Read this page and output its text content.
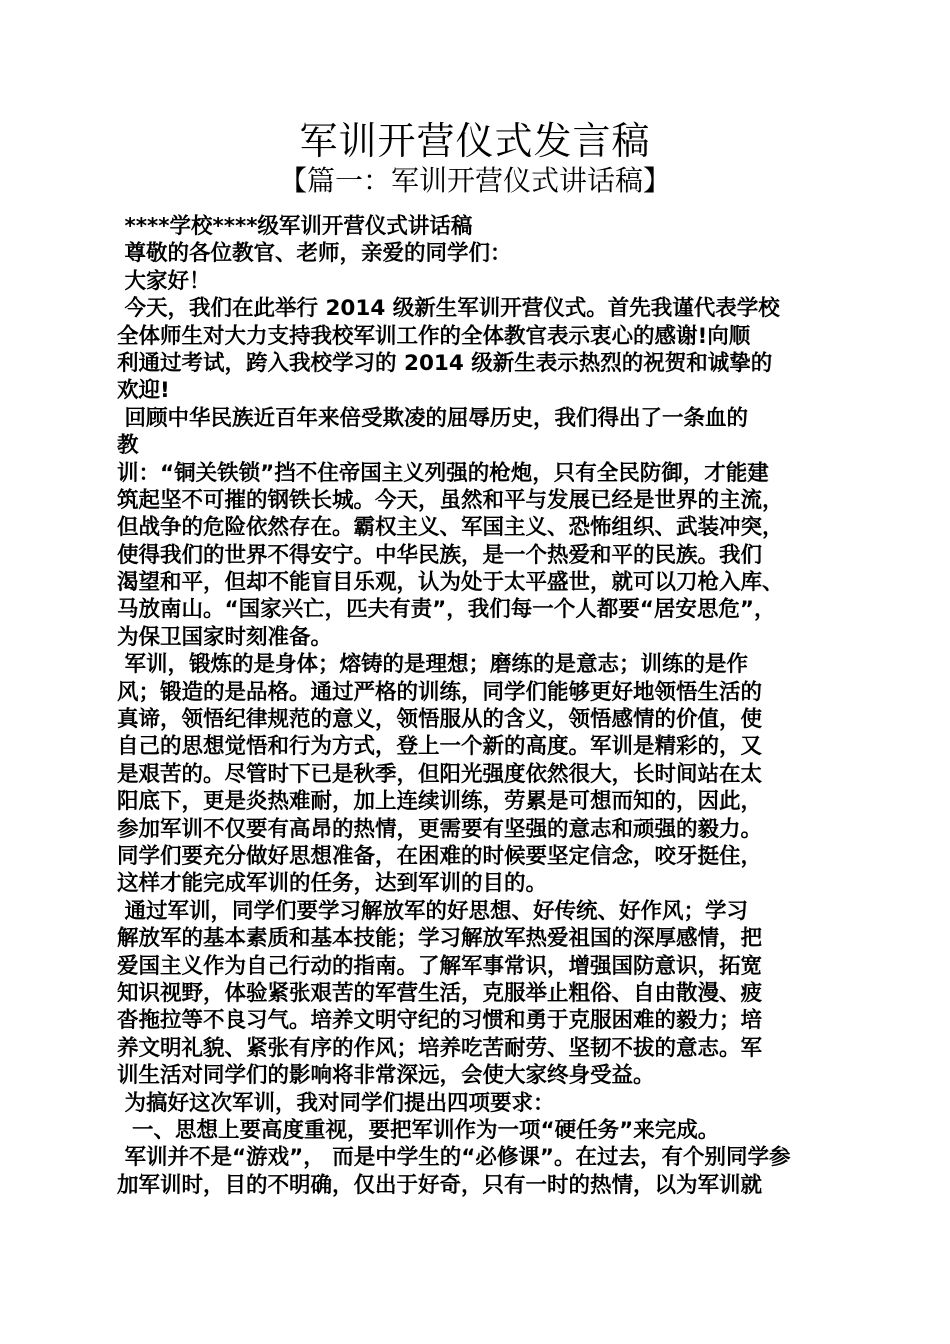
军训开营仪式发言稿
【篇一：军训开营仪式讲话稿】
****学校****级军训开营仪式讲话稿
尊敬的各位教官、老师，亲爱的同学们：
大家好！
今天，我们在此举行 2014 级新生军训开营仪式。首先我谨代表学校
全体师生对大力支持我校军训工作的全体教官表示衷心的感谢!向顺
利通过考试，跨入我校学习的 2014 级新生表示热烈的祝贺和诚挚的
欢迎!
回顾中华民族近百年来倍受欺凌的屈辱历史，我们得出了一条血的
教
训：“铜关铁锁”挡不住帝国主义列强的枪炮，只有全民防御，才能建
筑起坚不可摧的钢铁长城。今天，虽然和平与发展已经是世界的主流，
但战争的危险依然存在。霸权主义、军国主义、恐怖组织、武装冲突，
使得我们的世界不得安宁。中华民族，是一个热爱和平的民族。我们
渴望和平，但却不能盲目乐观，认为处于太平盛世，就可以刀枪入库、
马放南山。“国家兴亡，匹夫有责”，我们每一个人都要“居安思危”，
为保卫国家时刻准备。
军训，锻炼的是身体；熔铸的是理想；磨练的是意志；训练的是作
风；锻造的是品格。通过严格的训练，同学们能够更好地领悟生活的
真谛，领悟纪律规范的意义，领悟服从的含义，领悟感情的价值，使
自己的思想觉悟和行为方式，登上一个新的高度。军训是精彩的，又
是艰苦的。尽管时下已是秋季，但阳光强度依然很大，长时间站在太
阳底下，更是炎热难耐，加上连续训练，劳累是可想而知的，因此，
参加军训不仅要有高昂的热情，更需要有坚强的意志和顽强的毅力。
同学们要充分做好思想准备，在困难的时候要坚定信念，咬牙挺住，
这样才能完成军训的任务，达到军训的目的。
通过军训，同学们要学习解放军的好思想、好传统、好作风；学习
解放军的基本素质和基本技能；学习解放军热爱祖国的深厚感情，把
爱国主义作为自己行动的指南。了解军事常识，增强国防意识，拓宽
知识视野，体验紧张艰苦的军营生活，克服举止粗俗、自由散漫、疲
沓拖拉等不良习气。培养文明守纪的习惯和勇于克服困难的毅力；培
养文明礼貌、紧张有序的作风；培养吃苦耐劳、坚韧不拔的意志。军
训生活对同学们的影响将非常深远，会使大家终身受益。
为搞好这次军训，我对同学们提出四项要求：
一、思想上要高度重视，要把军训作为一项“硬任务”来完成。
军训并不是“游戏”， 而是中学生的“必修课”。在过去，有个别同学参
加军训时，目的不明确，仅出于好奇，只有一时的热情，以为军训就
